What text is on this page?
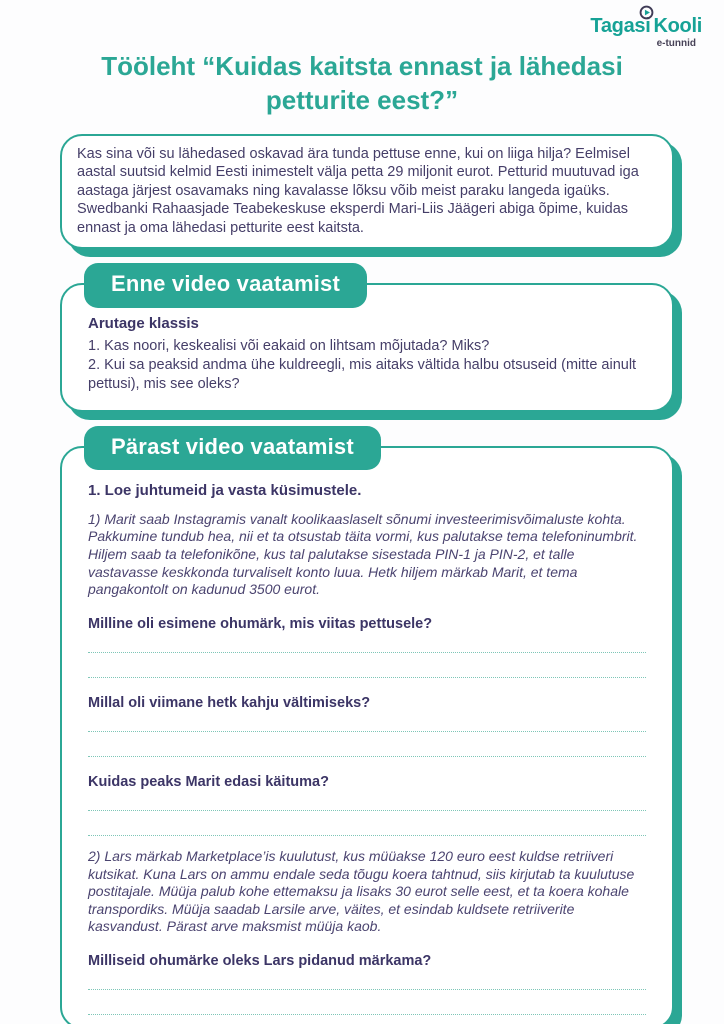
Tagasi Kooli
e-tunnid
Tööleht “Kuidas kaitsta ennast ja lähedasi petturite eest?”

Kas sina või su lähedased oskavad ära tunda pettuse enne, kui on liiga hilja? Eelmisel aastal suutsid kelmid Eesti inimestelt välja petta 29 miljonit eurot. Petturid muutuvad iga aastaga järjest osavamaks ning kavalasse lõksu võib meist paraku langeda igaüks. Swedbanki Rahaasjade Teabekeskuse eksperdi Mari-Liis Jäägeri abiga õpime, kuidas ennast ja oma lähedasi petturite eest kaitsta.

Enne video vaatamist
Arutage klassis

1. Kas noori, keskealisi või eakaid on lihtsam mõjutada? Miks?

2. Kui sa peaksid andma ühe kuldreegli, mis aitaks vältida halbu otsuseid (mitte ainult pettusi), mis see oleks?

Pärast video vaatamist
1. Loe juhtumeid ja vasta küsimustele.

1) Marit saab Instagramis vanalt koolikaaslaselt sõnumi investeerimisvõimaluste kohta. Pakkumine tundub hea, nii et ta otsustab täita vormi, kus palutakse tema telefoninumbrit. Hiljem saab ta telefonikõne, kus tal palutakse sisestada PIN-1 ja PIN-2, et talle vastavasse keskkonda turvaliselt konto luua. Hetk hiljem märkab Marit, et tema pangakontolt on kadunud 3500 eurot.

Milline oli esimene ohumärk, mis viitas pettusele?
Millal oli viimane hetk kahju vältimiseks?
Kuidas peaks Marit edasi käituma?

2) Lars märkab Marketplace’is kuulutust, kus müüakse 120 euro eest kuldse retriiveri kutsikat. Kuna Lars on ammu endale seda tõugu koera tahtnud, siis kirjutab ta kuulutuse postitajale. Müüja palub kohe ettemaksu ja lisaks 30 eurot selle eest, et ta koera kohale transpordiks. Müüja saadab Larsile arve, väites, et esindab kuldsete retriiverite kasvandust. Pärast arve maksmist müüja kaob.

Milliseid ohumärke oleks Lars pidanud märkama?
